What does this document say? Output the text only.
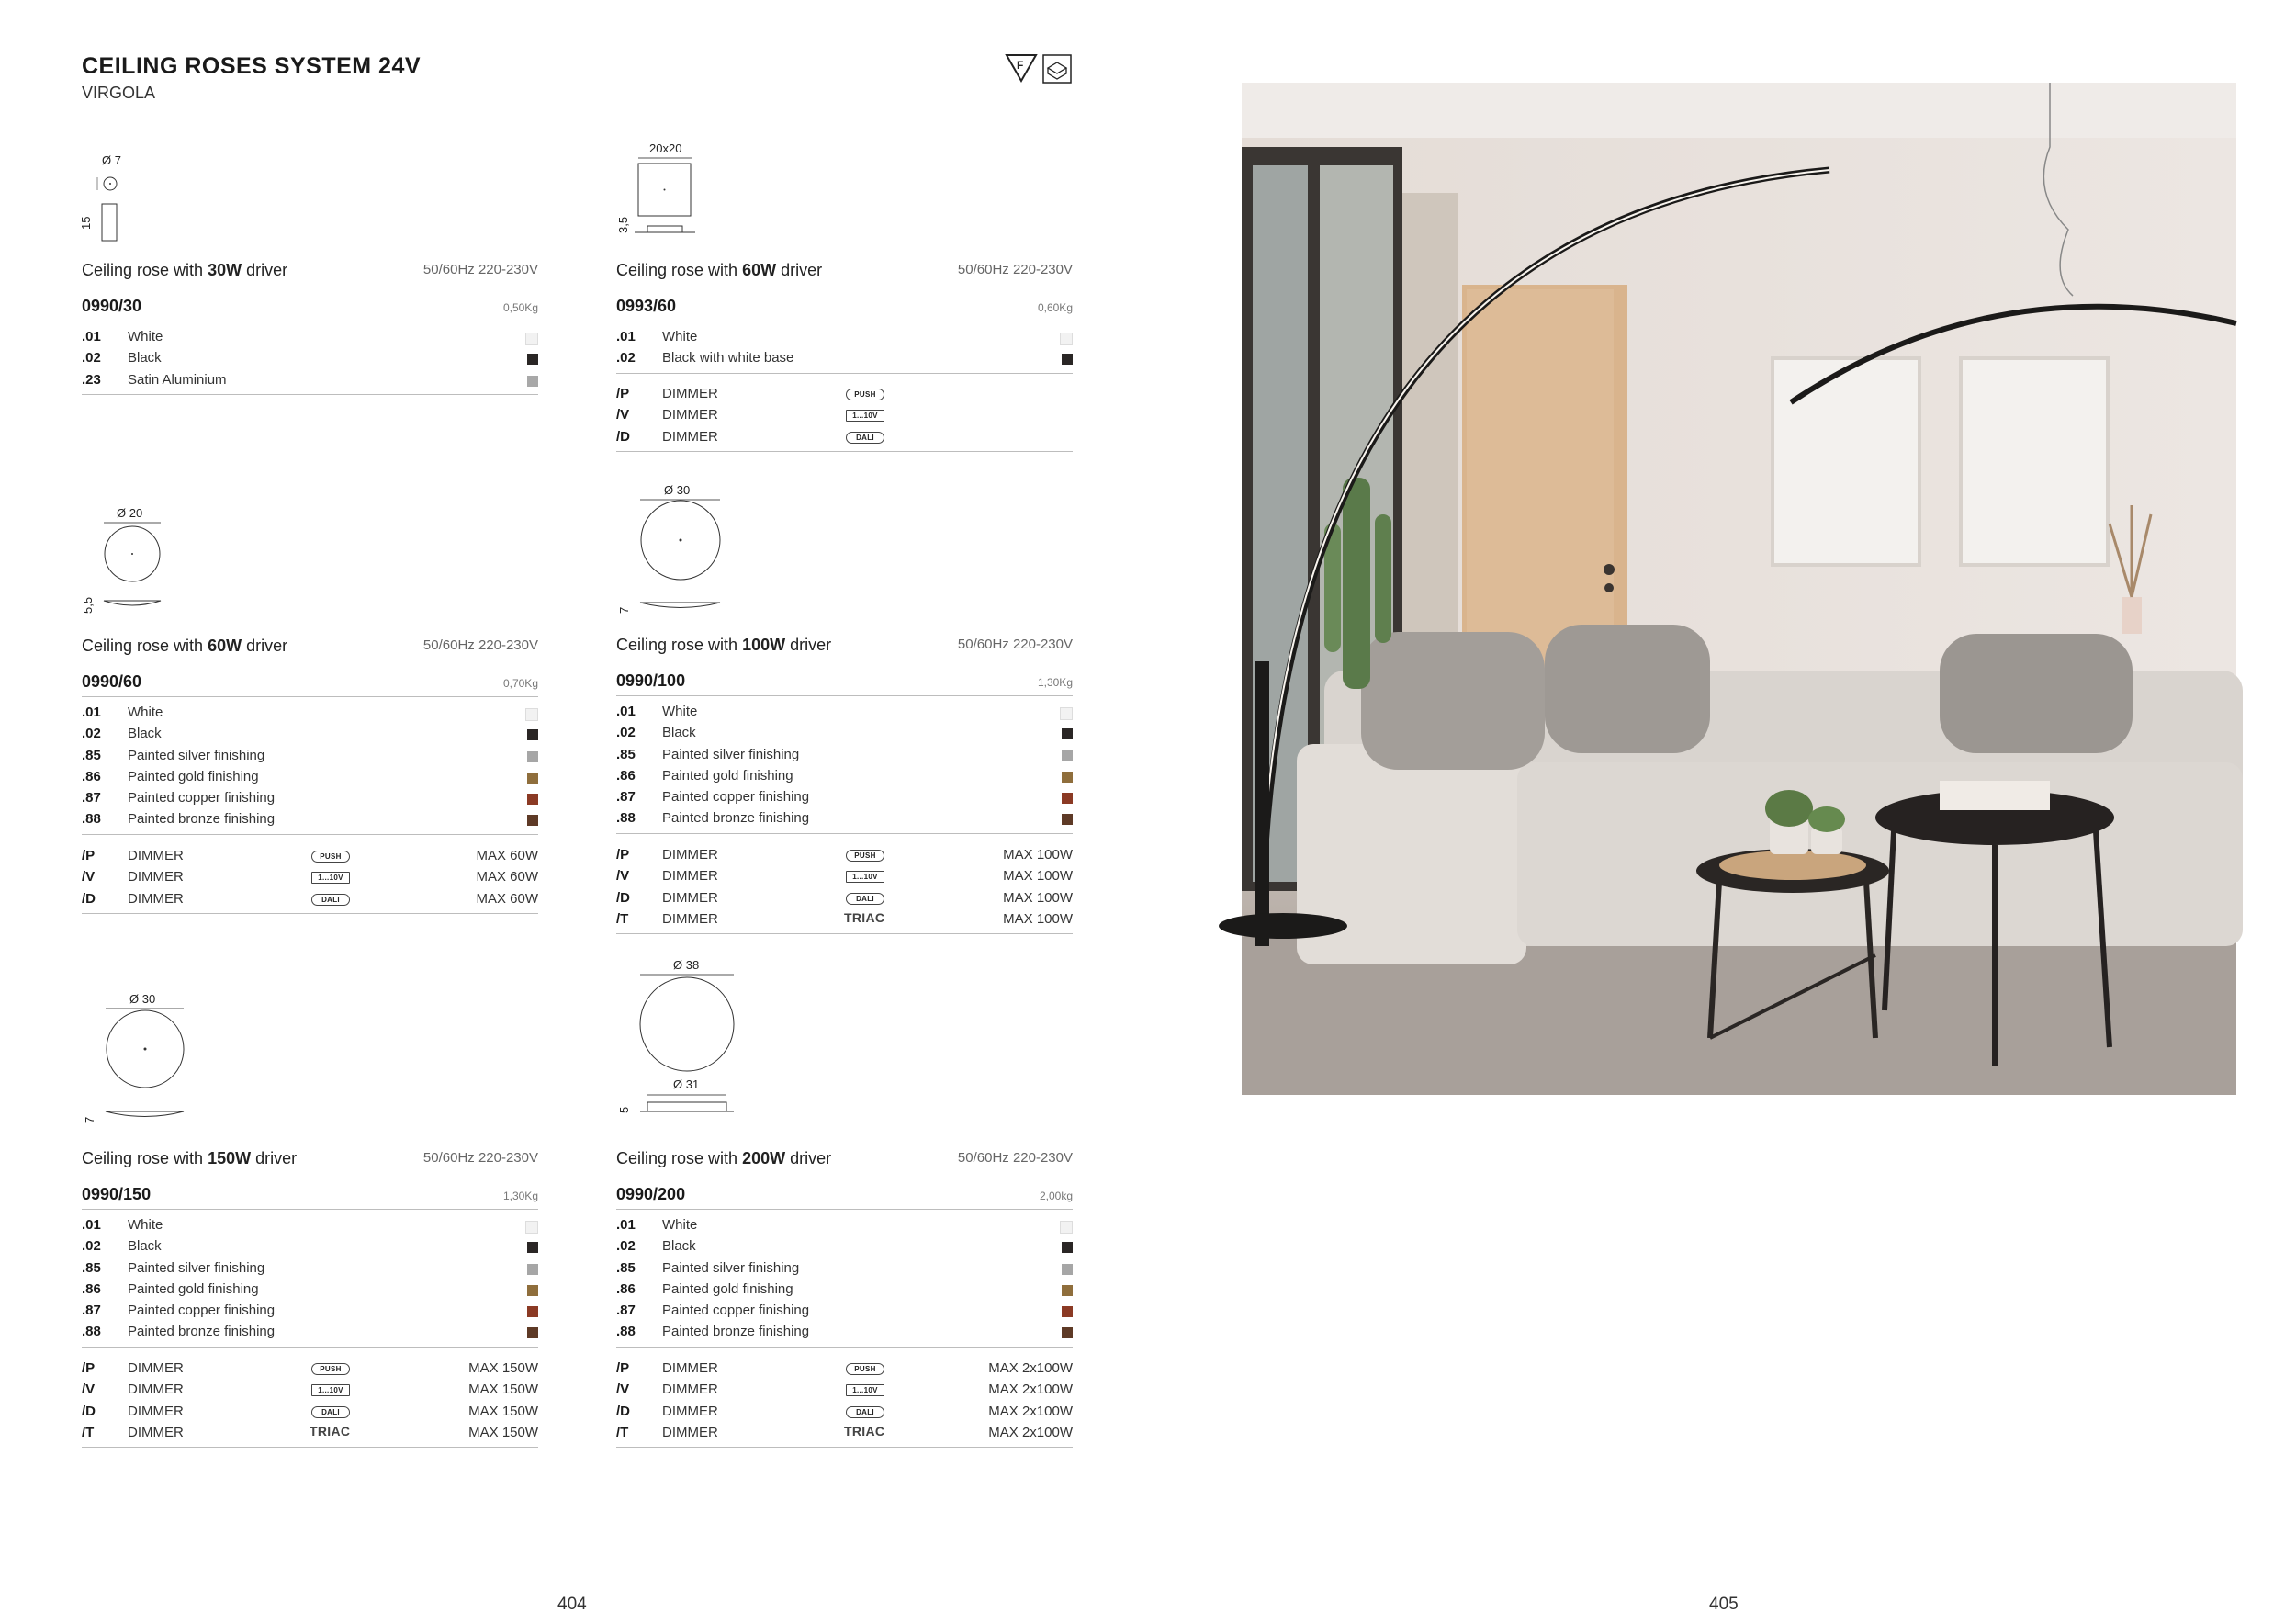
CEILING ROSES SYSTEM 24V
VIRGOLA
F
Ø 7
15
Ceiling rose with 30W driver	50/60Hz 220-230V
0990/30	0,50Kg
.01 White
.02 Black
.23 Satin Aluminium
20x20
3,5
Ceiling rose with 60W driver	50/60Hz 220-230V
0993/60	0,60Kg
.01 White
.02 Black with white base
/P DIMMER	PUSH
/V DIMMER	1...10V
/D DIMMER	DALI
Ø 20
5,5
Ceiling rose with 60W driver	50/60Hz 220-230V
0990/60	0,70Kg
.01 White
.02 Black
.85 Painted silver finishing
.86 Painted gold finishing
.87 Painted copper finishing
.88 Painted bronze finishing
/P DIMMER	PUSH	MAX 60W
/V DIMMER	1...10V	MAX 60W
/D DIMMER	DALI	MAX 60W
Ø 30
7
Ceiling rose with 100W driver	50/60Hz 220-230V
0990/100	1,30Kg
.01 White
.02 Black
.85 Painted silver finishing
.86 Painted gold finishing
.87 Painted copper finishing
.88 Painted bronze finishing
/P DIMMER	PUSH	MAX 100W
/V DIMMER	1...10V	MAX 100W
/D DIMMER	DALI	MAX 100W
/T DIMMER	TRIAC	MAX 100W
Ø 30
7
Ceiling rose with 150W driver	50/60Hz 220-230V
0990/150	1,30Kg
.01 White
.02 Black
.85 Painted silver finishing
.86 Painted gold finishing
.87 Painted copper finishing
.88 Painted bronze finishing
/P DIMMER	PUSH	MAX 150W
/V DIMMER	1...10V	MAX 150W
/D DIMMER	DALI	MAX 150W
/T DIMMER	TRIAC	MAX 150W
Ø 38
Ø 31
5
Ceiling rose with 200W driver	50/60Hz 220-230V
0990/200	2,00kg
.01 White
.02 Black
.85 Painted silver finishing
.86 Painted gold finishing
.87 Painted copper finishing
.88 Painted bronze finishing
/P DIMMER	PUSH	MAX 2x100W
/V DIMMER	1...10V	MAX 2x100W
/D DIMMER	DALI	MAX 2x100W
/T DIMMER	TRIAC	MAX 2x100W
404	405
